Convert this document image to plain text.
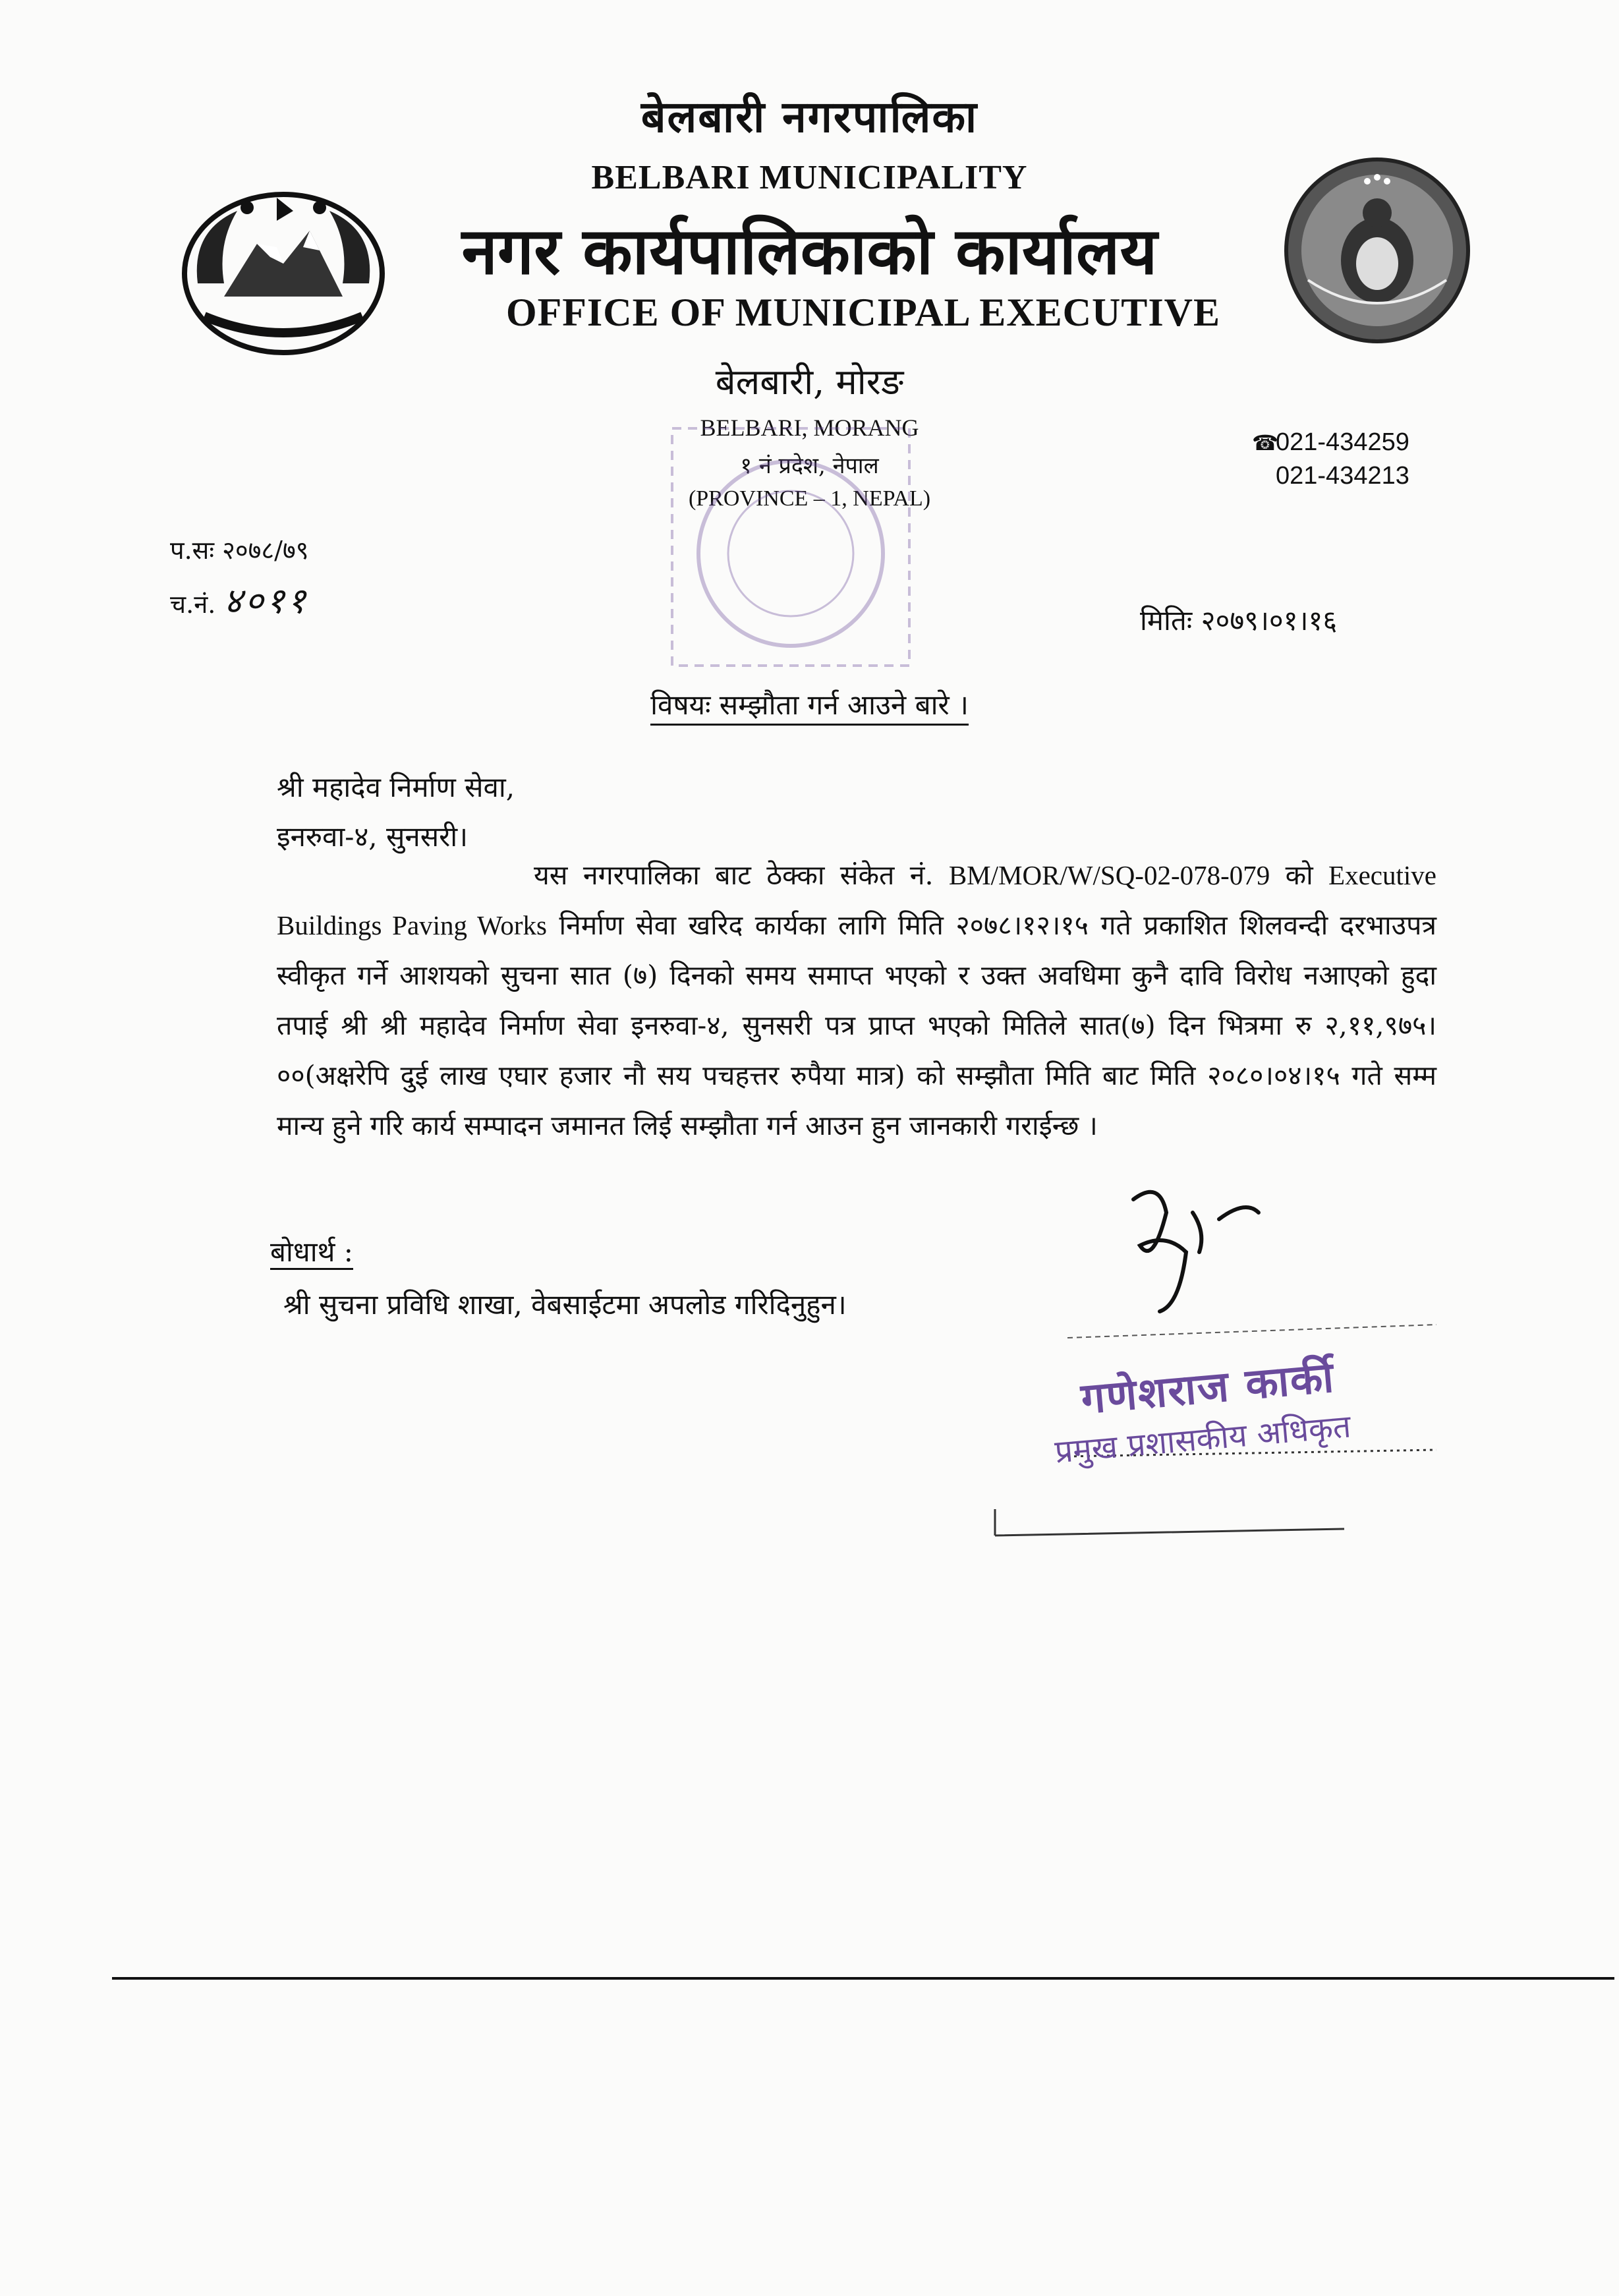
बेलबारी नगरपालिका
BELBARI MUNICIPALITY
नगर कार्यपालिकाको कार्यालय
OFFICE OF MUNICIPAL EXECUTIVE
बेलबारी, मोरङ
BELBARI, MORANG
१ नं प्रदेश, नेपाल
(PROVINCE – 1, NEPAL)
☎021-434259
021-434213
प.सः २०७८/७९
च.नं. ४०११	मितिः २०७९।०१।१६
विषयः सम्झौता गर्न आउने बारे ।
श्री महादेव निर्माण सेवा,
इनरुवा-४, सुनसरी।
यस नगरपालिका बाट ठेक्का संकेत नं. BM/MOR/W/SQ-02-078-079 को Executive Buildings Paving Works निर्माण सेवा खरिद कार्यका लागि मिति २०७८।१२।१५ गते प्रकाशित शिलवन्दी दरभाउपत्र स्वीकृत गर्ने आशयको सुचना सात (७) दिनको समय समाप्त भएको र उक्त अवधिमा कुनै दावि विरोध नआएको हुदा तपाई श्री श्री महादेव निर्माण सेवा इनरुवा-४, सुनसरी पत्र प्राप्त भएको मितिले सात(७) दिन भित्रमा रु २,११,९७५।००(अक्षरेपि दुई लाख एघार हजार नौ सय पचहत्तर रुपैया मात्र) को सम्झौता मिति बाट मिति २०८०।०४।१५ गते सम्म मान्य हुने गरि कार्य सम्पादन जमानत लिई सम्झौता गर्न आउन हुन जानकारी गराईन्छ ।
बोधार्थ :
श्री सुचना प्रविधि शाखा, वेबसाईटमा अपलोड गरिदिनुहुन।
गणेशराज कार्की
प्रमुख प्रशासकीय अधिकृत
